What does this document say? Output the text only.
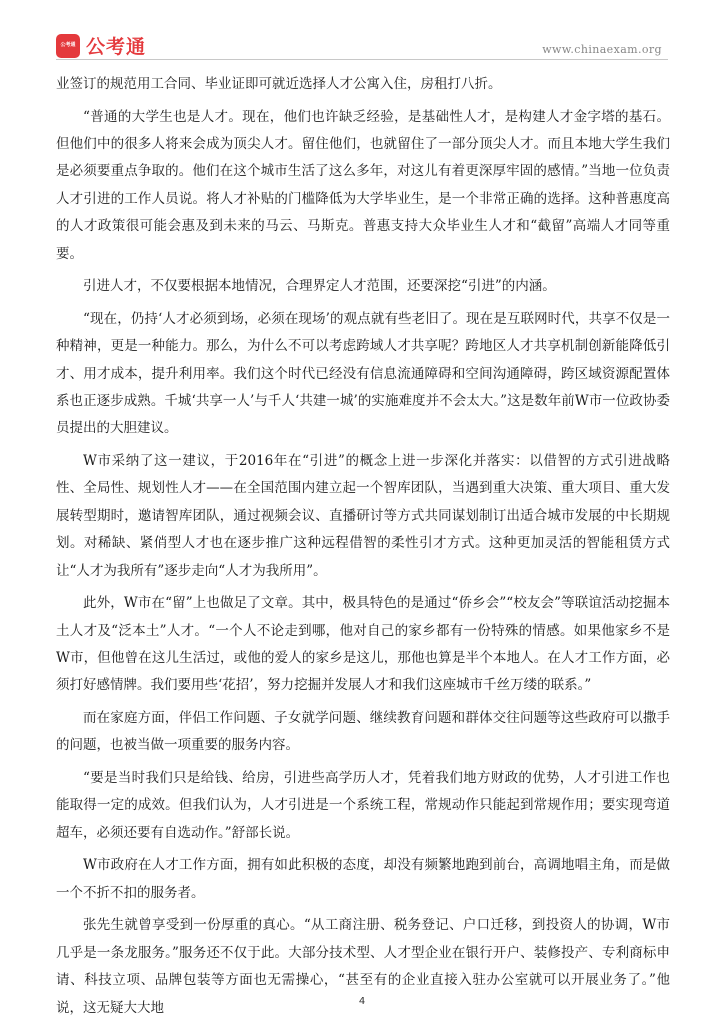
公考通 公考通	www.chinaexam.org

业签订的规范用工合同、毕业证即可就近选择人才公寓入住，房租打八折。

“普通的大学生也是人才。现在，他们也许缺乏经验，是基础性人才，是构建人才金字塔的基石。但他们中的很多人将来会成为顶尖人才。留住他们，也就留住了一部分顶尖人才。而且本地大学生我们是必须要重点争取的。他们在这个城市生活了这么多年，对这儿有着更深厚牢固的感情。”当地一位负责人才引进的工作人员说。将人才补贴的门槛降低为大学毕业生，是一个非常正确的选择。这种普惠度高的人才政策很可能会惠及到未来的马云、马斯克。普惠支持大众毕业生人才和“截留”高端人才同等重要。

引进人才，不仅要根据本地情况，合理界定人才范围，还要深挖“引进”的内涵。

“现在，仍持‘人才必须到场，必须在现场’的观点就有些老旧了。现在是互联网时代，共享不仅是一种精神，更是一种能力。那么，为什么不可以考虑跨域人才共享呢？跨地区人才共享机制创新能降低引才、用才成本，提升利用率。我们这个时代已经没有信息流通障碍和空间沟通障碍，跨区域资源配置体系也正逐步成熟。千城‘共享一人’与千人‘共建一城’的实施难度并不会太大。”这是数年前W市一位政协委员提出的大胆建议。

W市采纳了这一建议，于2016年在“引进”的概念上进一步深化并落实：以借智的方式引进战略性、全局性、规划性人才——在全国范围内建立起一个智库团队，当遇到重大决策、重大项目、重大发展转型期时，邀请智库团队，通过视频会议、直播研讨等方式共同谋划制订出适合城市发展的中长期规划。对稀缺、紧俏型人才也在逐步推广这种远程借智的柔性引才方式。这种更加灵活的智能租赁方式让“人才为我所有”逐步走向“人才为我所用”。

此外，W市在“留”上也做足了文章。其中，极具特色的是通过“侨乡会”“校友会”等联谊活动挖掘本土人才及“泛本土”人才。“一个人不论走到哪，他对自己的家乡都有一份特殊的情感。如果他家乡不是W市，但他曾在这儿生活过，或他的爱人的家乡是这儿，那他也算是半个本地人。在人才工作方面，必须打好感情牌。我们要用些‘花招’，努力挖掘并发展人才和我们这座城市千丝万缕的联系。”

而在家庭方面，伴侣工作问题、子女就学问题、继续教育问题和群体交往问题等这些政府可以撒手的问题，也被当做一项重要的服务内容。

“要是当时我们只是给钱、给房，引进些高学历人才，凭着我们地方财政的优势，人才引进工作也能取得一定的成效。但我们认为，人才引进是一个系统工程，常规动作只能起到常规作用；要实现弯道超车，必须还要有自选动作。”舒部长说。

W市政府在人才工作方面，拥有如此积极的态度，却没有频繁地跑到前台，高调地唱主角，而是做一个不折不扣的服务者。

张先生就曾享受到一份厚重的真心。“从工商注册、税务登记、户口迁移，到投资人的协调，W市几乎是一条龙服务。”服务还不仅于此。大部分技术型、人才型企业在银行开户、装修投产、专利商标申请、科技立项、品牌包装等方面也无需操心，“甚至有的企业直接入驻办公室就可以开展业务了。”他说，这无疑大大地	4
